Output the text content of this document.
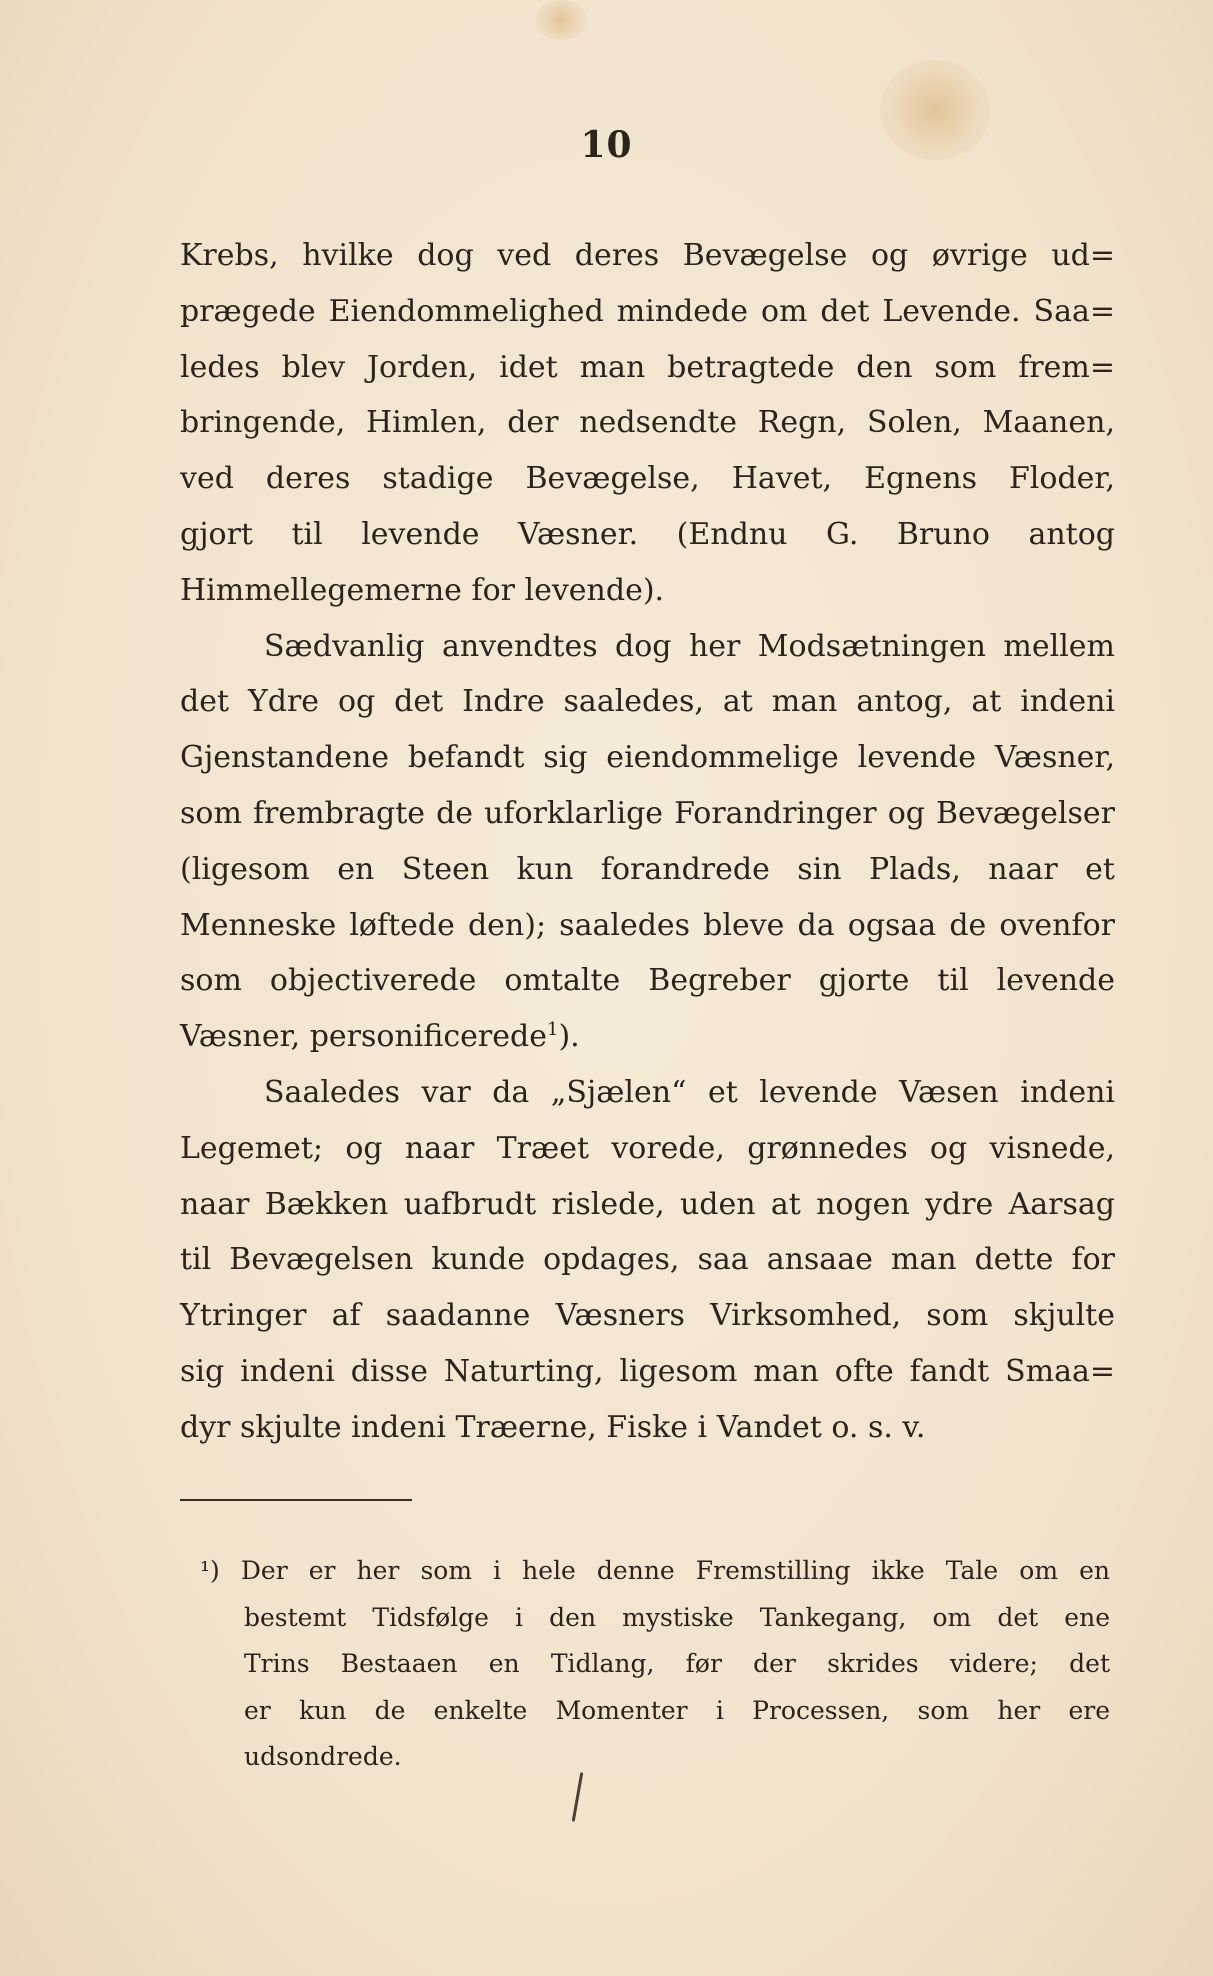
10
Krebs, hvilke dog ved deres Bevægelse og øvrige ud=
prægede Eiendommelighed mindede om det Levende. Saa=
ledes blev Jorden, idet man betragtede den som frem=
bringende, Himlen, der nedsendte Regn, Solen, Maanen,
ved deres stadige Bevægelse, Havet, Egnens Floder,
gjort til levende Væsner. (Endnu G. Bruno antog
Himmellegemerne for levende).
Sædvanlig anvendtes dog her Modsætningen mellem
det Ydre og det Indre saaledes, at man antog, at indeni
Gjenstandene befandt sig eiendommelige levende Væsner,
som frembragte de uforklarlige Forandringer og Bevægelser
(ligesom en Steen kun forandrede sin Plads, naar et
Menneske løftede den); saaledes bleve da ogsaa de ovenfor
som objectiverede omtalte Begreber gjorte til levende
Væsner, personificerede$^1$).
Saaledes var da „Sjælen“ et levende Væsen indeni
Legemet; og naar Træet vorede, grønnedes og visnede,
naar Bækken uafbrudt rislede, uden at nogen ydre Aarsag
til Bevægelsen kunde opdages, saa ansaae man dette for
Ytringer af saadanne Væsners Virksomhed, som skjulte
sig indeni disse Naturting, ligesom man ofte fandt Smaa=
dyr skjulte indeni Træerne, Fiske i Vandet o. s. v.
¹) Der er her som i hele denne Fremstilling ikke Tale om en
bestemt Tidsfølge i den mystiske Tankegang, om det ene
Trins Bestaaen en Tidlang, før der skrides videre; det
er kun de enkelte Momenter i Processen, som her ere
udsondrede.
